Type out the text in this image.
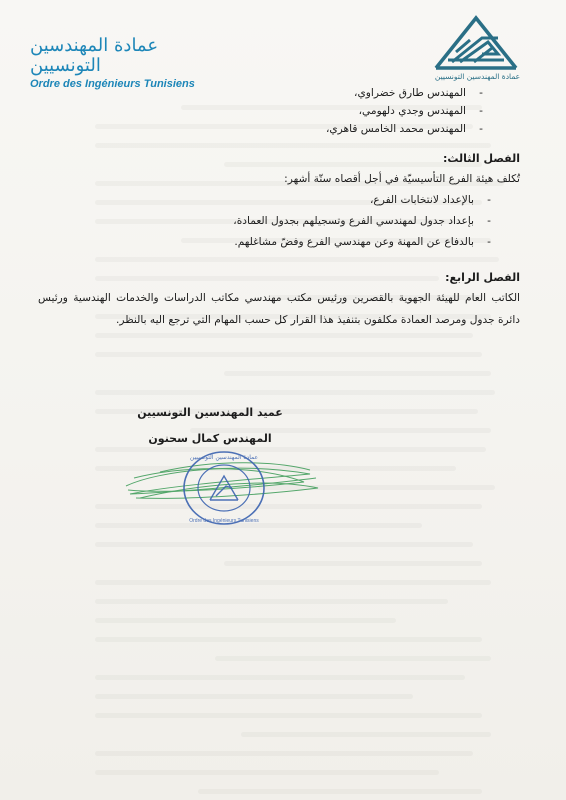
عمادة المهندسين التونسيين
عمادة المهندسين التونسيين
Ordre des Ingénieurs Tunisiens
-
المهندس طارق خضراوي،
-
المهندس وجدي دلهومي،
-
المهندس محمد الخامس قاهري،
الفصل الثالث:
تُكلف هيئة الفرع التأسيسيّة في أجل أقصاه ستّة أشهر:
-
بالإعداد لانتخابات الفرع،
-
بإعداد جدول لمهندسي الفرع وتسجيلهم بجدول العمادة،
-
بالدفاع عن المهنة وعن مهندسي الفرع وفضّ مشاغلهم.
الفصل الرابع:
الكاتب العام للهيئة الجهوية بالقصرين ورئيس مكتب مهندسي مكاتب الدراسات والخدمات الهندسية ورئيس دائرة جدول ومرصد العمادة مكلفون بتنفيذ هذا القرار كل حسب المهام التي ترجع اليه بالنظر.
عميد المهندسين التونسيين
المهندس كمال سحنون
عمادة المهندسين التونسيين
Ordre des Ingénieurs Tunisiens
